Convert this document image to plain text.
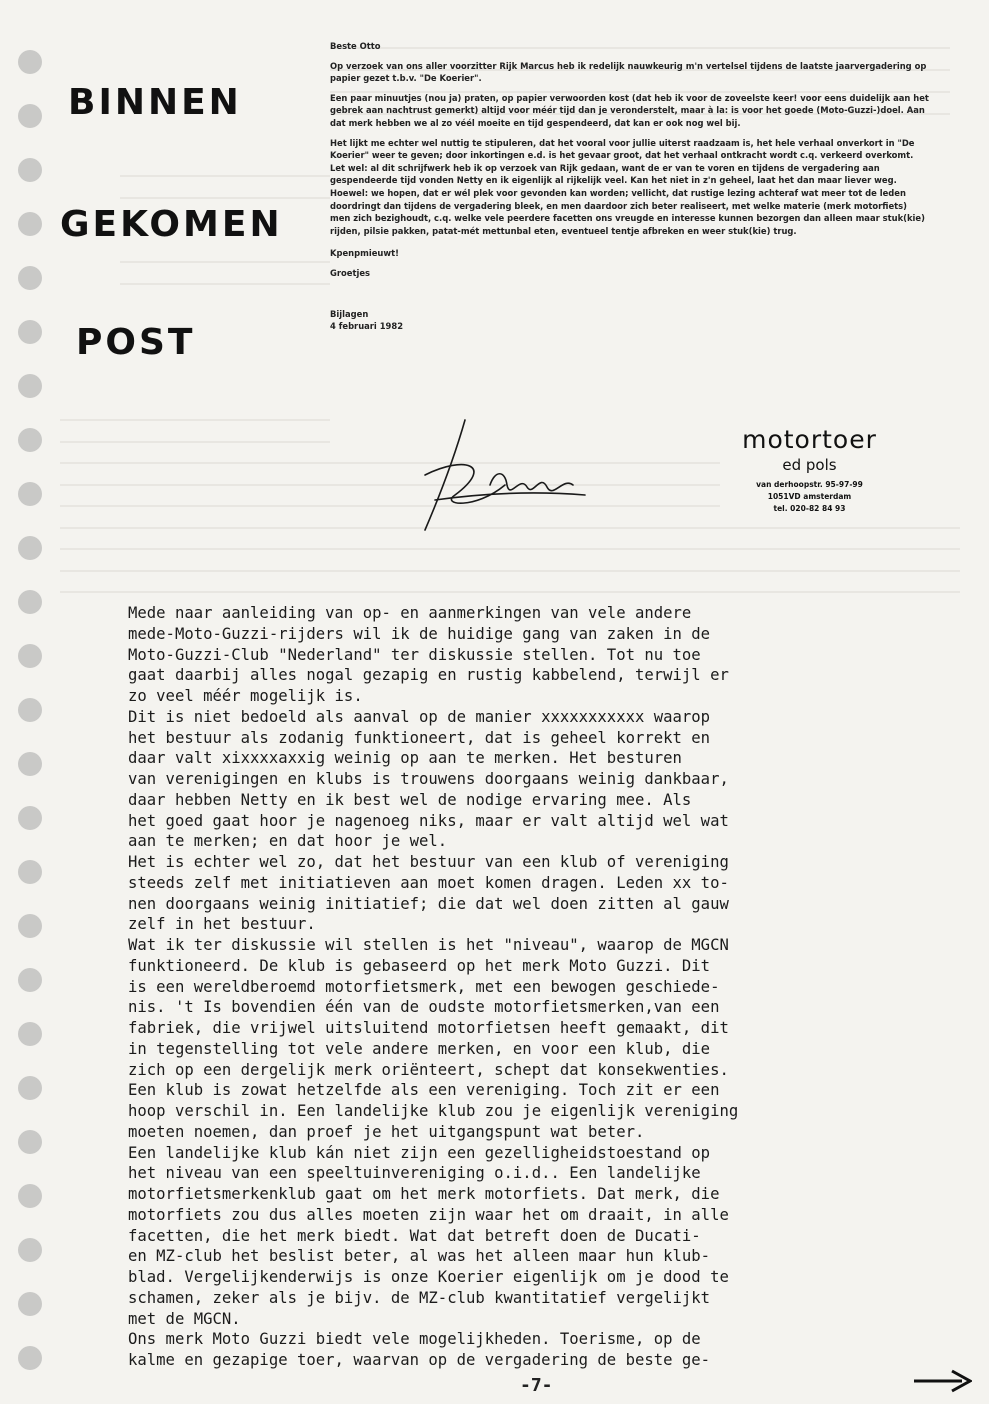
BINNEN
GEKOMEN
POST

Beste Otto

Op verzoek van ons aller voorzitter Rijk Marcus heb ik redelijk nauwkeurig m'n vertelsel tijdens de laatste jaarvergadering op papier gezet t.b.v. "De Koerier".

Een paar minuutjes (nou ja) praten, op papier verwoorden kost (dat heb ik voor de zoveelste keer! voor eens duidelijk aan het gebrek aan nachtrust gemerkt) altijd voor méér tijd dan je veronderstelt, maar à la: is voor het goede (Moto-Guzzi-)doel. Aan dat merk hebben we al zo véél moeite en tijd gespendeerd, dat kan er ook nog wel bij.

Het lijkt me echter wel nuttig te stipuleren, dat het vooral voor jullie uiterst raadzaam is, het hele verhaal onverkort in "De Koerier" weer te geven; door inkortingen e.d. is het gevaar groot, dat het verhaal ontkracht wordt c.q. verkeerd overkomt. Let wel: al dit schrijfwerk heb ik op verzoek van Rijk gedaan, want de er van te voren en tijdens de vergadering aan gespendeerde tijd vonden Netty en ik eigenlijk al rijkelijk veel. Kan het niet in z'n geheel, laat het dan maar liever weg. Hoewel: we hopen, dat er wél plek voor gevonden kan worden; vellicht, dat rustige lezing achteraf wat meer tot de leden doordringt dan tijdens de vergadering bleek, en men daardoor zich beter realiseert, met welke materie (merk motorfiets) men zich bezighoudt, c.q. welke vele peerdere facetten ons vreugde en interesse kunnen bezorgen dan alleen maar stuk(kie) rijden, pilsie pakken, patat-mét mettunbal eten, eventueel tentje afbreken en weer stuk(kie) trug.

Kpenpmieuwt!

Groetjes

Bijlagen

4 februari 1982

motortoer
ed pols
van derhoopstr. 95-97-99
1051VD amsterdam
tel. 020-82 84 93
Mede naar aanleiding van op- en aanmerkingen van vele andere
mede-Moto-Guzzi-rijders wil ik de huidige gang van zaken in de
Moto-Guzzi-Club "Nederland" ter diskussie stellen. Tot nu toe
gaat daarbij alles nogal gezapig en rustig kabbelend, terwijl er
zo veel méér mogelijk is.
Dit is niet bedoeld als aanval op de manier xxxxxxxxxxx waarop
het bestuur als zodanig funktioneert, dat is geheel korrekt en
daar valt xixxxxaxxig weinig op aan te merken. Het besturen
van verenigingen en klubs is trouwens doorgaans weinig dankbaar,
daar hebben Netty en ik best wel de nodige ervaring mee. Als
het goed gaat hoor je nagenoeg niks, maar er valt altijd wel wat
aan te merken; en dat hoor je wel.
Het is echter wel zo, dat het bestuur van een klub of vereniging
steeds zelf met initiatieven aan moet komen dragen. Leden xx to-
nen doorgaans weinig initiatief; die dat wel doen zitten al gauw
zelf in het bestuur.
Wat ik ter diskussie wil stellen is het "niveau", waarop de MGCN
funktioneerd. De klub is gebaseerd op het merk Moto Guzzi. Dit
is een wereldberoemd motorfietsmerk, met een bewogen geschiede-
nis. 't Is bovendien één van de oudste motorfietsmerken,van een
fabriek, die vrijwel uitsluitend motorfietsen heeft gemaakt, dit
in tegenstelling tot vele andere merken, en voor een klub, die
zich op een dergelijk merk oriënteert, schept dat konsekwenties.
Een klub is zowat hetzelfde als een vereniging. Toch zit er een
hoop verschil in. Een landelijke klub zou je eigenlijk vereniging
moeten noemen, dan proef je het uitgangspunt wat beter.
Een landelijke klub kán niet zijn een gezelligheidstoestand op
het niveau van een speeltuinvereniging o.i.d.. Een landelijke
motorfietsmerkenklub gaat om het merk motorfiets. Dat merk, die
motorfiets zou dus alles moeten zijn waar het om draait, in alle
facetten, die het merk biedt. Wat dat betreft doen de Ducati-
en MZ-club het beslist beter, al was het alleen maar hun klub-
blad. Vergelijkenderwijs is onze Koerier eigenlijk om je dood te
schamen, zeker als je bijv. de MZ-club kwantitatief vergelijkt
met de MGCN.
Ons merk Moto Guzzi biedt vele mogelijkheden. Toerisme, op de
kalme en gezapige toer, waarvan op de vergadering de beste ge-
-7-
